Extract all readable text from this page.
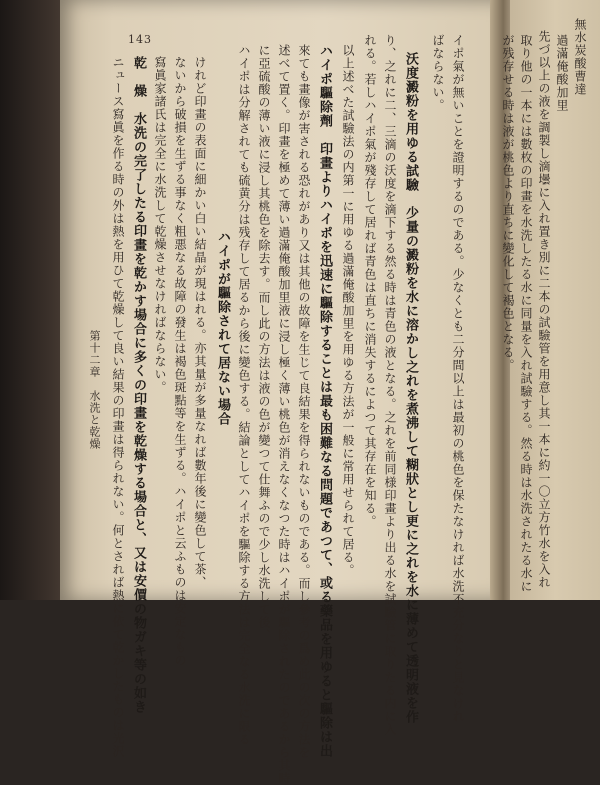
143	イポ氣が無いことを證明するのである。少なくとも二分間以上は最初の桃色を保たなければ水洗不充分なりと見なけれ
ばならない。
沃度澱粉を用ゆる試驗　少量の澱粉を水に溶かし之れを煮沸して糊狀とし更に之れを水に薄めて透明液を作
り、之れに二、三滴の沃度を滴下する然る時は青色の液となる。之れを前同様印畫より出る水を試驗管に取りたる内に入
れる。若しハイポ氣が殘存して居れば青色は直ちに消失するによつて其存在を知る。
以上述べた試驗法の内第一に用ゆる過滿俺酸加里を用ゆる方法が一般に常用せられて居る。
ハイポ驅除劑　印畫よりハイポを迅速に驅除することは最も困難なる問題であつて、或る藥品を用ゆると驅除は出
來ても畫像が害される恐れがあり又は其他の故障を生じて良結果を得られないものである。而し參考の爲め此の次の方法を
述べて置く。印畫を極めて薄い過滿俺酸加里液に浸し極く薄い桃色が消えなくなつた時はハイポが驅除されたのであるから其時
に亞硫酸の薄い液に浸し其桃色を除去す。而し此の方法は液の色が變つて仕舞ふので少し水洗して後、
ハイポは分解されても硫黄分は残存して居るから後に變色する。結論としてハイポを驅除する方法は完全なる水洗に限る
ハイポが驅除されて居ない場合
けれど印畫の表面に細かい白い結晶が現はれる。亦其量が多量なれば數年後に變色して茶、
ないから破損を生ずる事なく粗悪なる故障の發生は褐色斑點等を生ずる。ハイポと云ふものは安定なもの
寫眞家諸氏は完全に水洗して乾燥させなければならない。
乾　燥　水洗の完了したる印畫を乾かす場合に多くの印畫を乾燥する場合と、又は安價の物ガキ等の如き
ニュース寫眞を作る時の外は熱を用ひて乾燥して良い結果の印畫は得られない。何とされば熱に依て乾かしたものは光沢
第十二章　水洗と乾燥
無水炭酸曹達
過滿俺酸加里
先づ以上の液を調製し滴壜に入れ置き別に二本の試驗管を用意し其一本に約一〇立方竹水を入れ
取り他の一本には數枚の印畫を水洗したる水に同量を入れ試驗する。然る時は水洗されたる水に
が残存せる時は液が桃色より直ちに變化して褐色となる。
